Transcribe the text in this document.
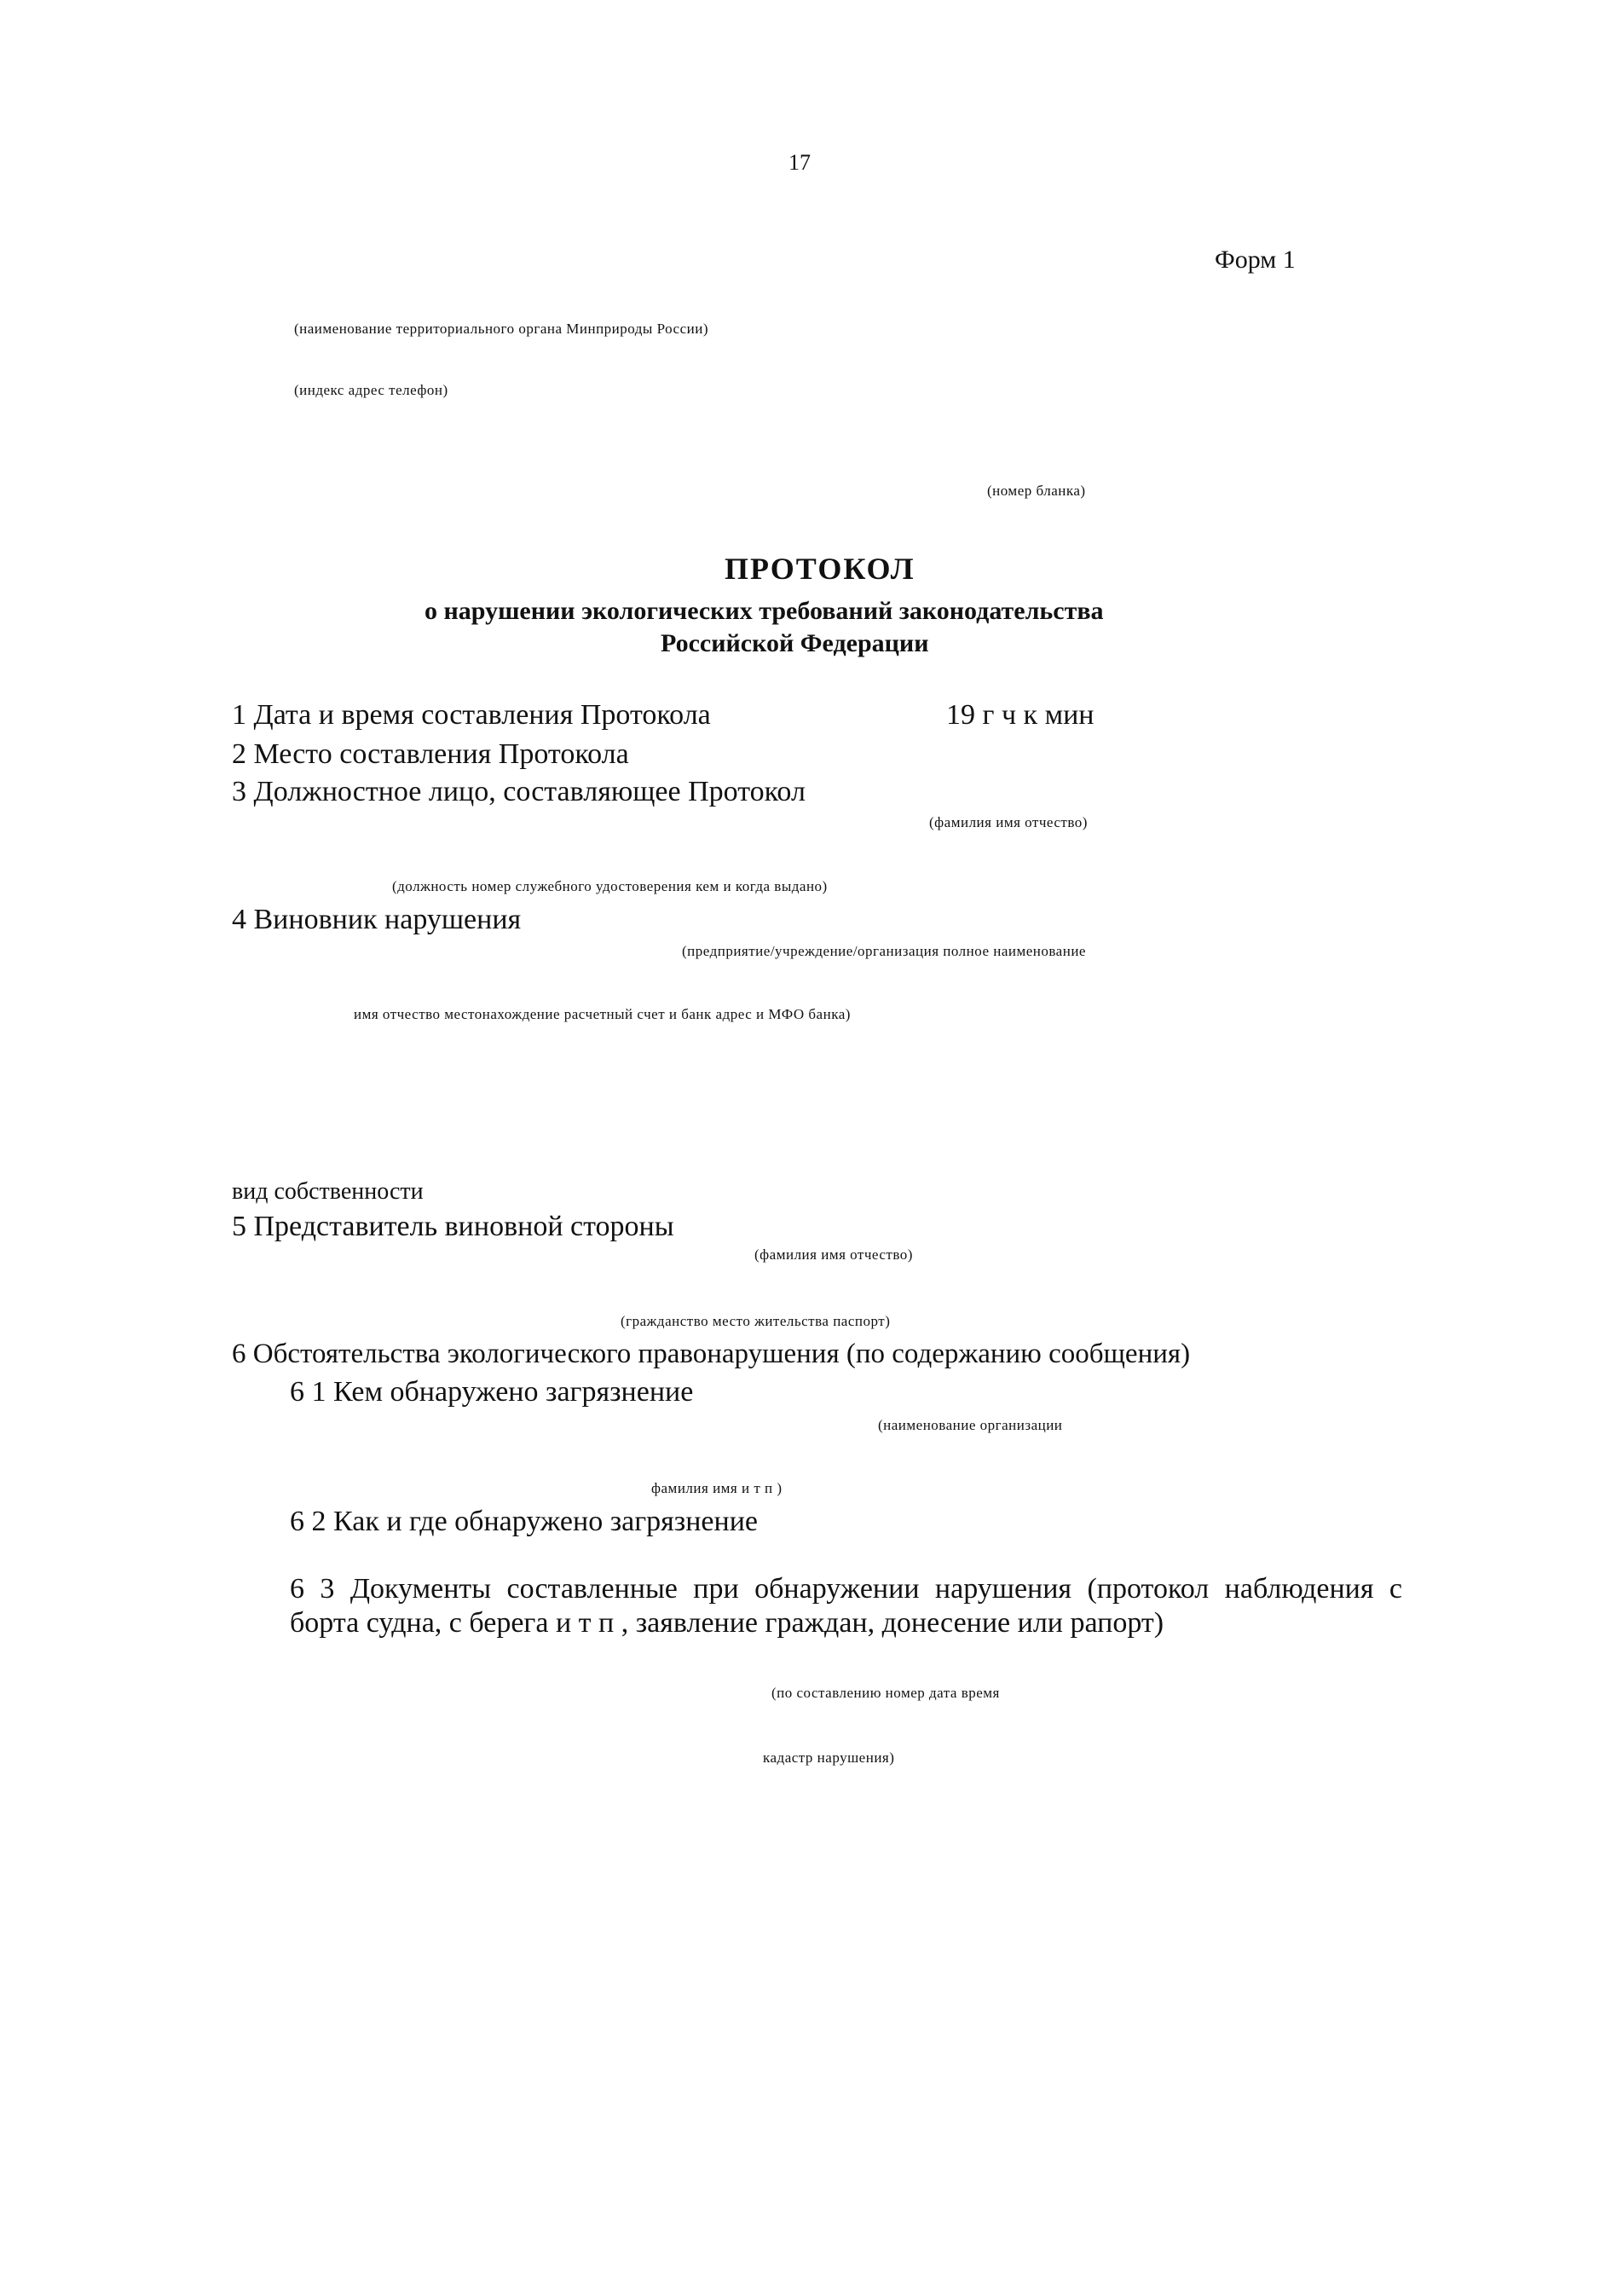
17
Форм 1
(наименование территориального органа Минприроды России)
(индекс адрес телефон)
(номер бланка)
ПРОТОКОЛ
о нарушении экологических требований законодательства
Российской Федерации
1 Дата и время составления Протокола	19 г ч к мин
2 Место составления Протокола
3 Должностное лицо, составляющее Протокол
(фамилия имя отчество)
(должность номер служебного удостоверения кем и когда выдано)
4 Виновник нарушения
(предприятие/учреждение/организация полное наименование
имя отчество местонахождение расчетный счет и банк адрес и МФО банка)
вид собственности
5 Представитель виновной стороны
(фамилия имя отчество)
(гражданство место жительства паспорт)
6 Обстоятельства экологического правонарушения (по содержанию сообщения)
6 1 Кем обнаружено загрязнение
(наименование организации
фамилия имя и т п )
6 2 Как и где обнаружено загрязнение
6 3 Документы составленные при обнаружении нарушения (протокол наблюдения с борта судна, с берега и т п , заявление граждан, донесение или рапорт)
(по составлению номер дата время
кадастр нарушения)
